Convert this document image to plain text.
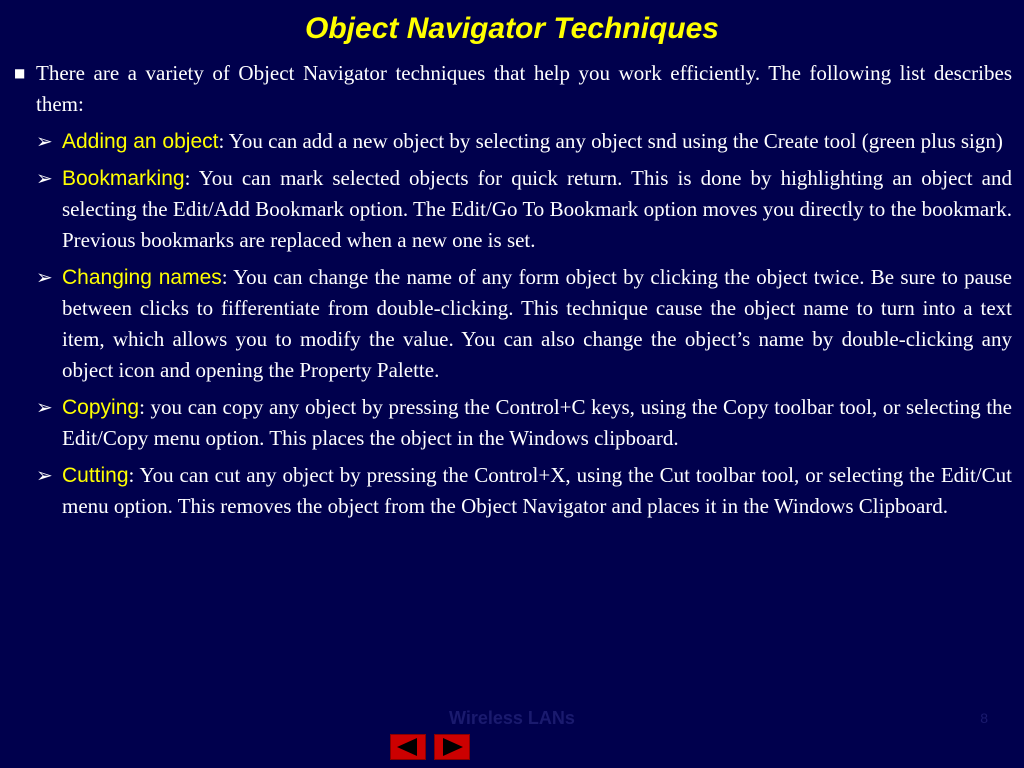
Object Navigator Techniques

■ There are a variety of Object Navigator techniques that help you work efficiently. The following list describes them:

➢ Adding an object: You can add a new object by selecting any object snd using the Create tool (green plus sign)
➢ Bookmarking: You can mark selected objects for quick return. This is done by highlighting an object and selecting the Edit/Add Bookmark option. The Edit/Go To Bookmark option moves you directly to the bookmark. Previous bookmarks are replaced when a new one is set.
➢ Changing names: You can change the name of any form object by clicking the object twice. Be sure to pause between clicks to fifferentiate from double-clicking. This technique cause the object name to turn into a text item, which allows you to modify the value. You can also change the object’s name by double-clicking any object icon and opening the Property Palette.
➢ Copying: you can copy any object by pressing the Control+C keys, using the Copy toolbar tool, or selecting the Edit/Copy menu option. This places the object in the Windows clipboard.
➢ Cutting: You can cut any object by pressing the Control+X, using the Cut toolbar tool, or selecting the Edit/Cut menu option. This removes the object from the Object Navigator and places it in the Windows Clipboard.
Wireless LANs	8
